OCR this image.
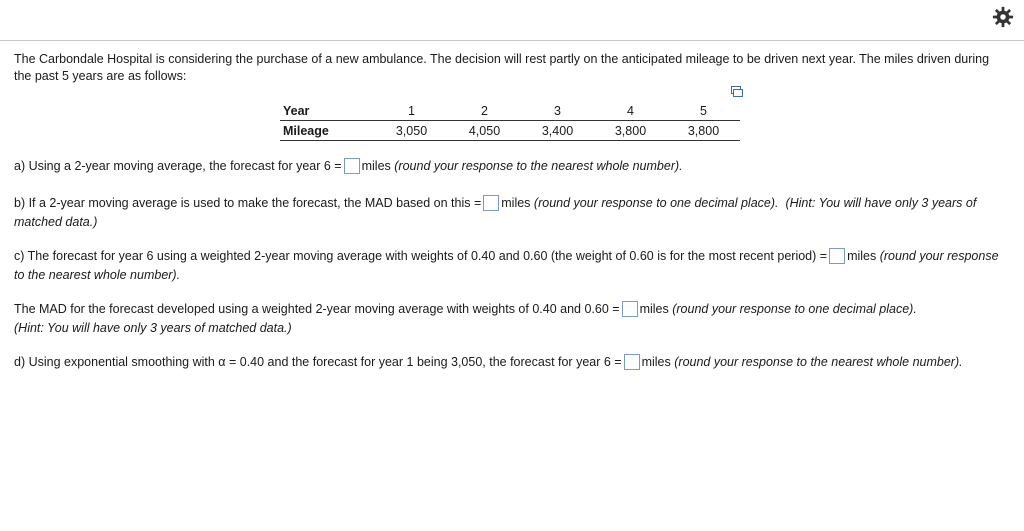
The Carbondale Hospital is considering the purchase of a new ambulance. The decision will rest partly on the anticipated mileage to be driven next year. The miles driven during the past 5 years are as follows:
Year	1	2	3	4	5
Mileage	3,050	4,050	3,400	3,800	3,800
a) Using a 2-year moving average, the forecast for year 6 = miles (round your response to the nearest whole number).
b) If a 2-year moving average is used to make the forecast, the MAD based on this = miles (round your response to one decimal place). (Hint: You will have only 3 years of matched data.)
c) The forecast for year 6 using a weighted 2-year moving average with weights of 0.40 and 0.60 (the weight of 0.60 is for the most recent period) = miles (round your response to the nearest whole number).
The MAD for the forecast developed using a weighted 2-year moving average with weights of 0.40 and 0.60 = miles (round your response to one decimal place).
(Hint: You will have only 3 years of matched data.)
d) Using exponential smoothing with α = 0.40 and the forecast for year 1 being 3,050, the forecast for year 6 = miles (round your response to the nearest whole number).
